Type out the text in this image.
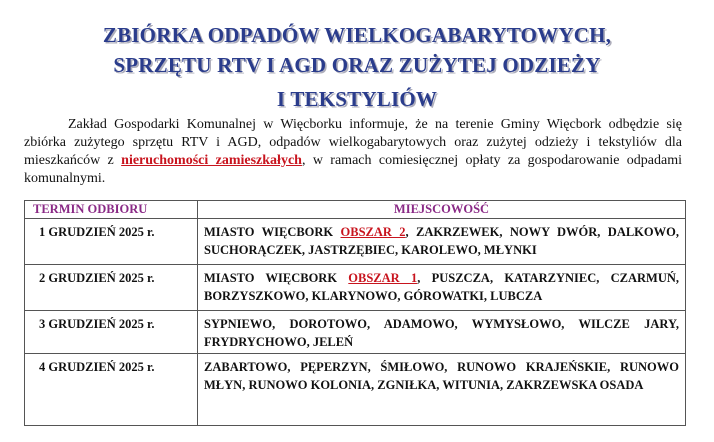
ZBIÓRKA ODPADÓW WIELKOGABARYTOWYCH,
SPRZĘTU RTV I AGD ORAZ ZUŻYTEJ ODZIEŻY
I TEKSTYLIÓW

Zakład Gospodarki Komunalnej w Więcborku informuje, że na terenie Gminy Więcbork odbędzie się zbiórka zużytego sprzętu RTV i AGD, odpadów wielkogabarytowych oraz zużytej odzieży i tekstyliów dla mieszkańców z nieruchomości zamieszkałych, w ramach comiesięcznej opłaty za gospodarowanie odpadami komunalnymi.

TERMIN ODBIORU	MIEJSCOWOŚĆ
1 GRUDZIEŃ 2025 r.	MIASTO WIĘCBORK OBSZAR 2, ZAKRZEWEK, NOWY DWÓR, DALKOWO, SUCHORĄCZEK, JASTRZĘBIEC, KAROLEWO, MŁYNKI
2 GRUDZIEŃ 2025 r.	MIASTO WIĘCBORK OBSZAR 1, PUSZCZA, KATARZYNIEC, CZARMUŃ, BORZYSZKOWO, KLARYNOWO, GÓROWATKI, LUBCZA
3 GRUDZIEŃ 2025 r.	SYPNIEWO, DOROTOWO, ADAMOWO, WYMYSŁOWO, WILCZE JARY, FRYDRYCHOWO, JELEŃ
4 GRUDZIEŃ 2025 r.	ZABARTOWO, PĘPERZYN, ŚMIŁOWO, RUNOWO KRAJEŃSKIE, RUNOWO MŁYN, RUNOWO KOLONIA, ZGNIŁKA, WITUNIA, ZAKRZEWSKA OSADA
